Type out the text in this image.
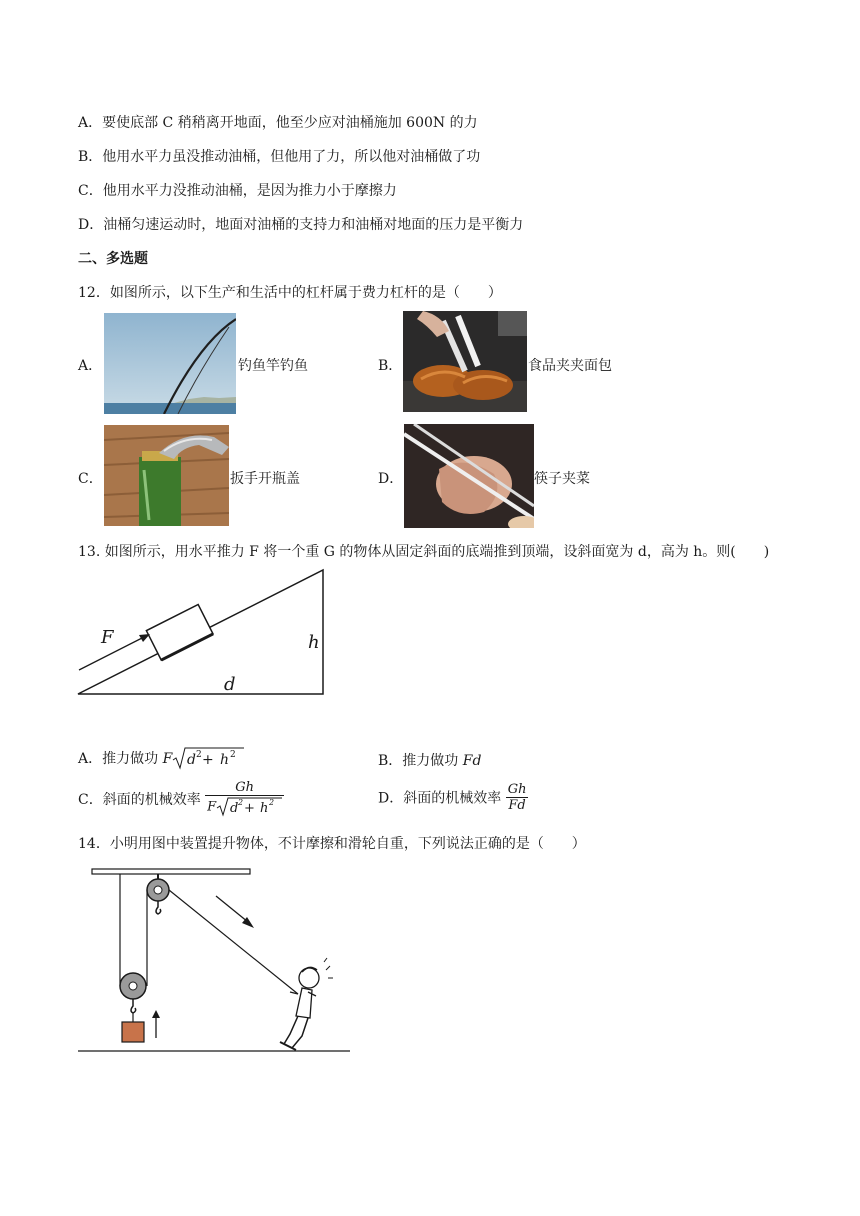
A．要使底部 C 稍稍离开地面，他至少应对油桶施加 600N 的力
B．他用水平力虽没推动油桶，但他用了力，所以他对油桶做了功
C．他用水平力没推动油桶，是因为推力小于摩擦力
D．油桶匀速运动时，地面对油桶的支持力和油桶对地面的压力是平衡力
二、多选题
12．如图所示，以下生产和生活中的杠杆属于费力杠杆的是（　　）
A．	钓鱼竿钓鱼	B．	食品夹夹面包
C．	扳手开瓶盖	D．	筷子夹菜
13. 如图所示，用水平推力 F 将一个重 G 的物体从固定斜面的底端推到顶端，设斜面宽为 d，高为 h。则(　　)
F	h
d
A．推力做功 F d 2 + h 2	B．推力做功 Fd
C．斜面的机械效率 $\frac{Gh}{\text{F d 2 + h 2}}$	D．斜面的机械效率 $\frac{Gh}{Fd}$
14．小明用图中装置提升物体，不计摩擦和滑轮自重，下列说法正确的是（　　）
